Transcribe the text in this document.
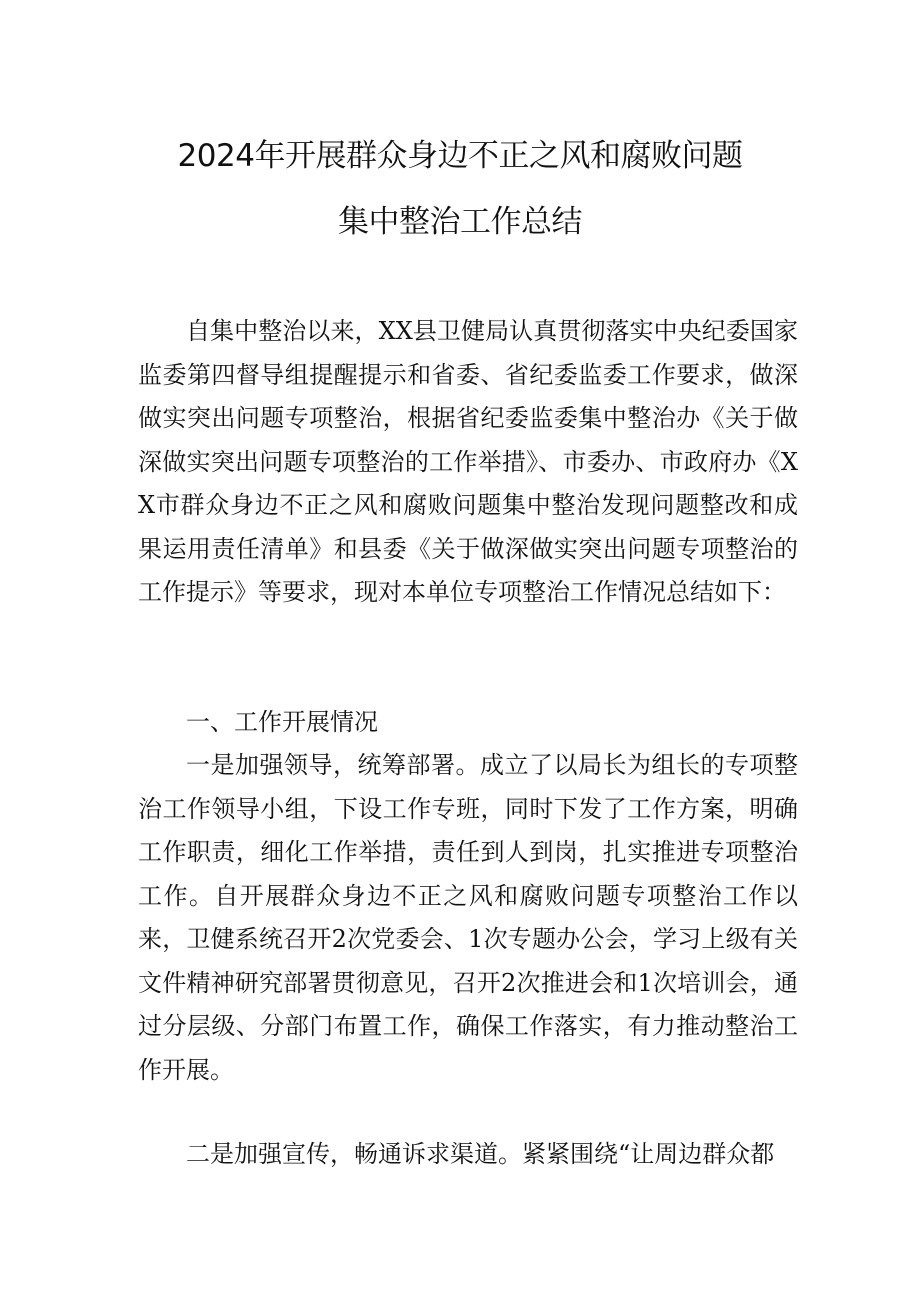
2024年开展群众身边不正之风和腐败问题
集中整治工作总结

自集中整治以来，XX县卫健局认真贯彻落实中央纪委国家监委第四督导组提醒提示和省委、省纪委监委工作要求，做深做实突出问题专项整治，根据省纪委监委集中整治办《关于做深做实突出问题专项整治的工作举措》、市委办、市政府办《XX市群众身边不正之风和腐败问题集中整治发现问题整改和成果运用责任清单》和县委《关于做深做实突出问题专项整治的工作提示》等要求，现对本单位专项整治工作情况总结如下：

一、工作开展情况

一是加强领导，统筹部署。成立了以局长为组长的专项整治工作领导小组，下设工作专班，同时下发了工作方案，明确工作职责，细化工作举措，责任到人到岗，扎实推进专项整治工作。自开展群众身边不正之风和腐败问题专项整治工作以来，卫健系统召开2次党委会、1次专题办公会，学习上级有关文件精神研究部署贯彻意见，召开2次推进会和1次培训会，通过分层级、分部门布置工作，确保工作落实，有力推动整治工作开展。

二是加强宣传，畅通诉求渠道。紧紧围绕“让周边群众都
